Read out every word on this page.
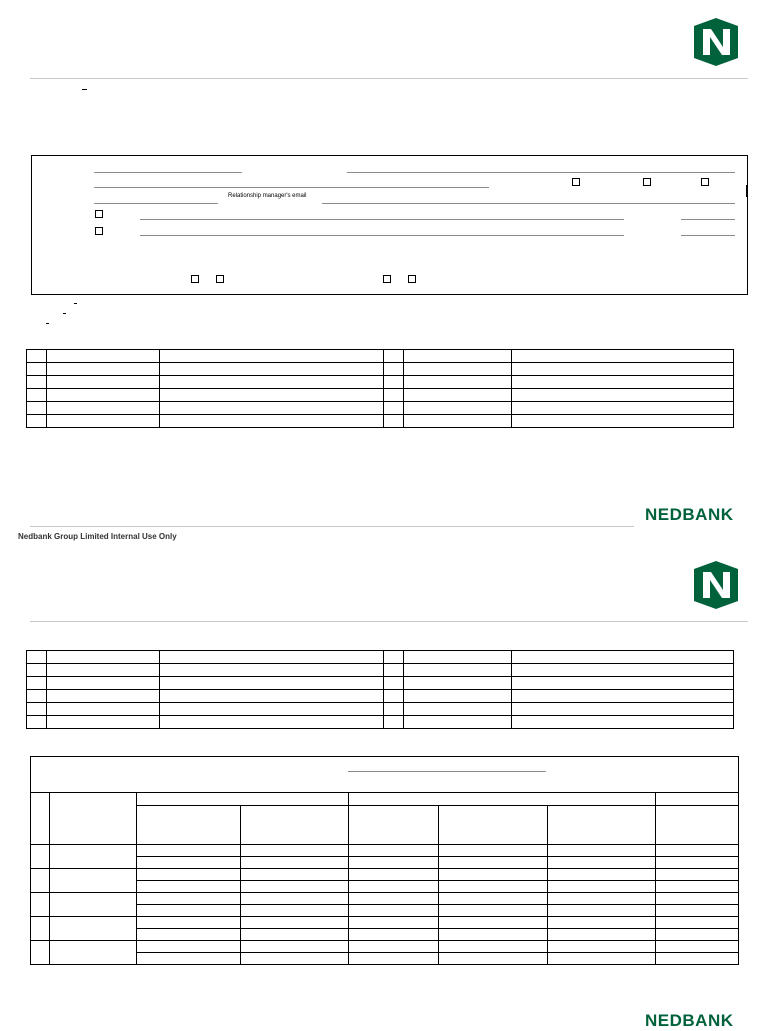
Relationship manager's email

NEDBANK
Nedbank Group Limited Internal Use Only

NEDBANK
